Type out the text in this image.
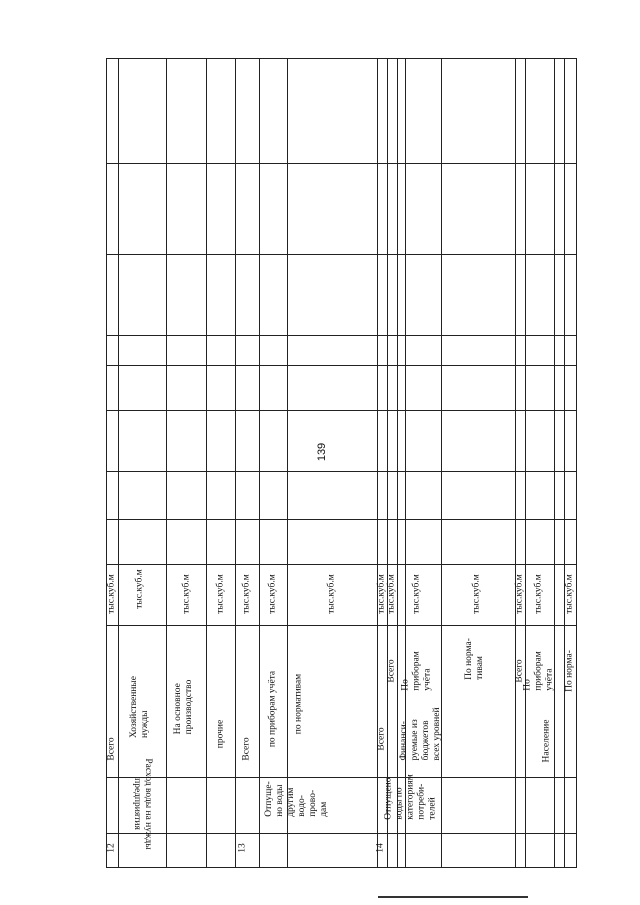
139
12
Расход воды на нужды
предприятия
Всего
тыс.куб.м
Хозяйственные
нужды
тыс.куб.м
На основное
производство
тыс.куб.м
прочие
тыс.куб.м
13
Отпуще-
но воды
другим
водо-
прово-
дам
Всего
тыс.куб.м
по приборам учёта
тыс.куб.м
по нормативам
тыс.куб.м
14
Отпущено
воды по
категориям
потреби-
телей
Всего
тыс.куб.м
Финанси-
руемые из
бюджетов
всех уровней
Всего
тыс.куб.м
По
приборам
учёта
тыс.куб.м
По норма-
тивам
тыс.куб.м
Население
Всего
тыс.куб.м
По
приборам
учёта
тыс.куб.м
По норма-
тыс.куб.м
